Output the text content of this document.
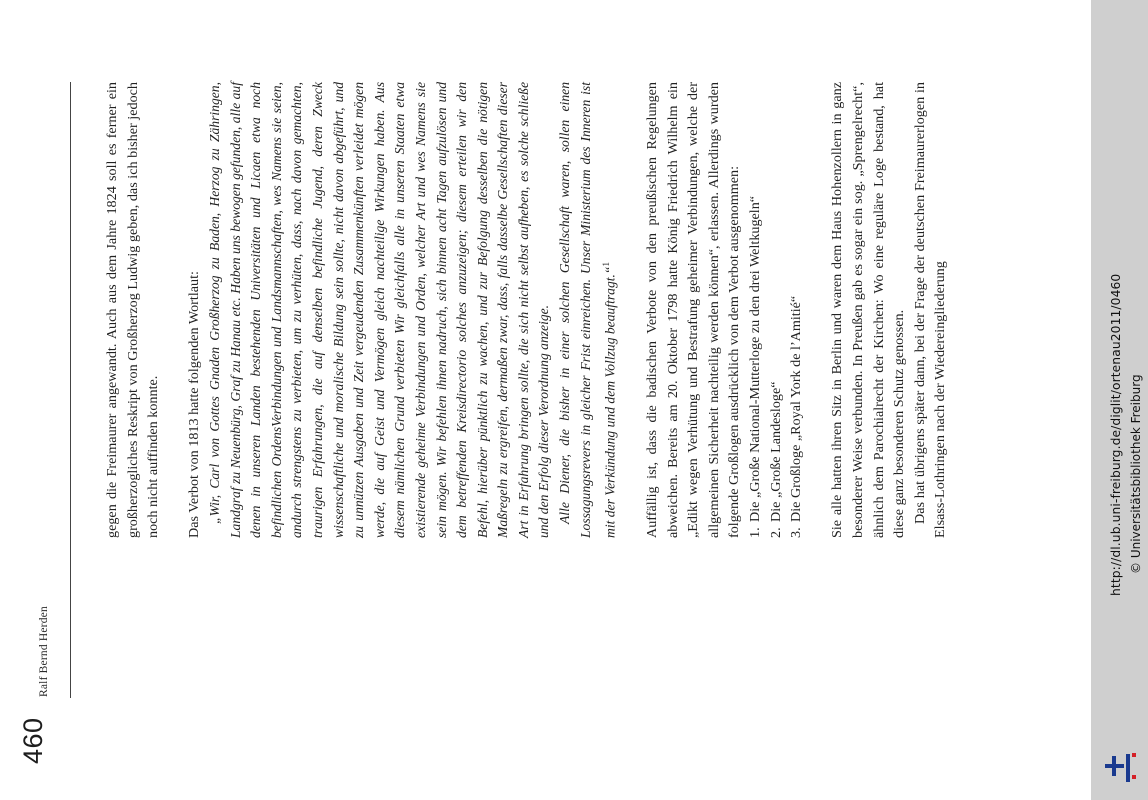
460
Ralf Bernd Herden

gegen die Freimaurer angewandt. Auch aus dem Jahre 1824 soll es ferner ein großherzogliches Reskript von Großherzog Ludwig geben, das ich bisher jedoch noch nicht auffinden konnte. Das Verbot von 1813 hatte folgenden Wortlaut: „Wir, Carl von Gottes Gnaden Großherzog zu Baden, Herzog zu Zähringen, Landgraf zu Neuenbürg, Graf zu Hanau etc. Haben uns bewogen gefunden, alle auf denen in unseren Landen bestehenden Universitäten und Licaen etwa noch befindlichen OrdensVerbindungen und Landsmannschaften, wes Namens sie seien, andurch strengstens zu verbieten, um zu verhüten, dass, nach davon gemachten, traurigen Erfahrungen, die auf denselben befindliche Jugend, deren Zweck wissenschaftliche und moralische Bildung sein sollte, nicht davon abgeführt, und zu unnützen Ausgaben und Zeit vergeudenden Zusammenkünften verleidet mögen werde, die auf Geist und Vermögen gleich nachteilige Wirkungen haben. Aus diesem nämlichen Grund verbieten Wir gleichfalls alle in unseren Staaten etwa existierende geheime Verbindungen und Orden, welcher Art und wes Namens sie sein mögen. Wir befehlen ihnen nadruch, sich binnen acht Tagen aufzulösen und dem betreffenden Kreisdirectorio solches anzuzeigen; diesem erteilen wir den Befehl, hierüber pünktlich zu wachen, und zur Befolgung desselben die nötigen Maßregeln zu ergreifen, dermaßen zwar, dass, falls dasselbe Gesellschaften dieser Art in Erfahrung bringen sollte, die sich nicht selbst aufheben, es solche schließe und den Erfolg dieser Verordnung anzeige. Alle Diener, die bisher in einer solchen Gesellschaft waren, sollen einen Lossagungsrevers in gleicher Frist einreichen. Unser Ministerium des Inneren ist mit der Verkündung und dem Vollzug beauftragt.“$^1$	Auffällig ist, dass die badischen Verbote von den preußischen Regelungen abweichen. Bereits am 20. Oktober 1798 hatte König Friedrich Wilhelm ein „Edikt wegen Verhütung und Bestrafung geheimer Verbindungen, welche der allgemeinen Sicherheit nachteilig werden können“, erlassen. Allerdings wurden folgende Großlogen ausdrücklich von dem Verbot ausgenommen: 1.Die „Große National-Mutterloge zu den drei Weltkugeln“
2.Die „Große Landesloge“
3.Die Großloge „Royal York de l’Amitié“ Sie alle hatten ihren Sitz in Berlin und waren dem Haus Hohenzollern in ganz besonderer Weise verbunden. In Preußen gab es sogar ein sog. „Sprengelrecht“, ähnlich dem Parochialrecht der Kirchen: Wo eine reguläre Loge bestand, hat diese ganz besonderen Schutz genossen. Das hat übrigens später dann, bei der Frage der deutschen Freimaurerlogen in Elsass-Lothringen nach der Wiedereingliederung	http://dl.ub.uni-freiburg.de/diglit/ortenau2011/0460 © Universitätsbibliothek Freiburg
